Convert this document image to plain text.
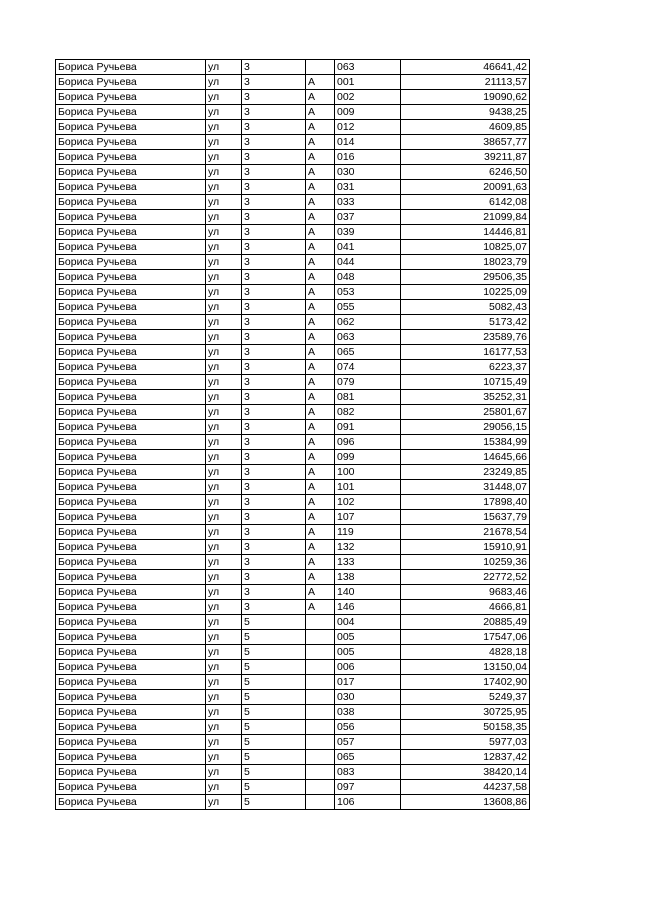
Бориса Ручьева	ул	3		063	46641,42
Бориса Ручьева	ул	3	А	001	21113,57
Бориса Ручьева	ул	3	А	002	19090,62
Бориса Ручьева	ул	3	А	009	9438,25
Бориса Ручьева	ул	3	А	012	4609,85
Бориса Ручьева	ул	3	А	014	38657,77
Бориса Ручьева	ул	3	А	016	39211,87
Бориса Ручьева	ул	3	А	030	6246,50
Бориса Ручьева	ул	3	А	031	20091,63
Бориса Ручьева	ул	3	А	033	6142,08
Бориса Ручьева	ул	3	А	037	21099,84
Бориса Ручьева	ул	3	А	039	14446,81
Бориса Ручьева	ул	3	А	041	10825,07
Бориса Ручьева	ул	3	А	044	18023,79
Бориса Ручьева	ул	3	А	048	29506,35
Бориса Ручьева	ул	3	А	053	10225,09
Бориса Ручьева	ул	3	А	055	5082,43
Бориса Ручьева	ул	3	А	062	5173,42
Бориса Ручьева	ул	3	А	063	23589,76
Бориса Ручьева	ул	3	А	065	16177,53
Бориса Ручьева	ул	3	А	074	6223,37
Бориса Ручьева	ул	3	А	079	10715,49
Бориса Ручьева	ул	3	А	081	35252,31
Бориса Ручьева	ул	3	А	082	25801,67
Бориса Ручьева	ул	3	А	091	29056,15
Бориса Ручьева	ул	3	А	096	15384,99
Бориса Ручьева	ул	3	А	099	14645,66
Бориса Ручьева	ул	3	А	100	23249,85
Бориса Ручьева	ул	3	А	101	31448,07
Бориса Ручьева	ул	3	А	102	17898,40
Бориса Ручьева	ул	3	А	107	15637,79
Бориса Ручьева	ул	3	А	119	21678,54
Бориса Ручьева	ул	3	А	132	15910,91
Бориса Ручьева	ул	3	А	133	10259,36
Бориса Ручьева	ул	3	А	138	22772,52
Бориса Ручьева	ул	3	А	140	9683,46
Бориса Ручьева	ул	3	А	146	4666,81
Бориса Ручьева	ул	5		004	20885,49
Бориса Ручьева	ул	5		005	17547,06
Бориса Ручьева	ул	5		005	4828,18
Бориса Ручьева	ул	5		006	13150,04
Бориса Ручьева	ул	5		017	17402,90
Бориса Ручьева	ул	5		030	5249,37
Бориса Ручьева	ул	5		038	30725,95
Бориса Ручьева	ул	5		056	50158,35
Бориса Ручьева	ул	5		057	5977,03
Бориса Ручьева	ул	5		065	12837,42
Бориса Ручьева	ул	5		083	38420,14
Бориса Ручьева	ул	5		097	44237,58
Бориса Ручьева	ул	5		106	13608,86
